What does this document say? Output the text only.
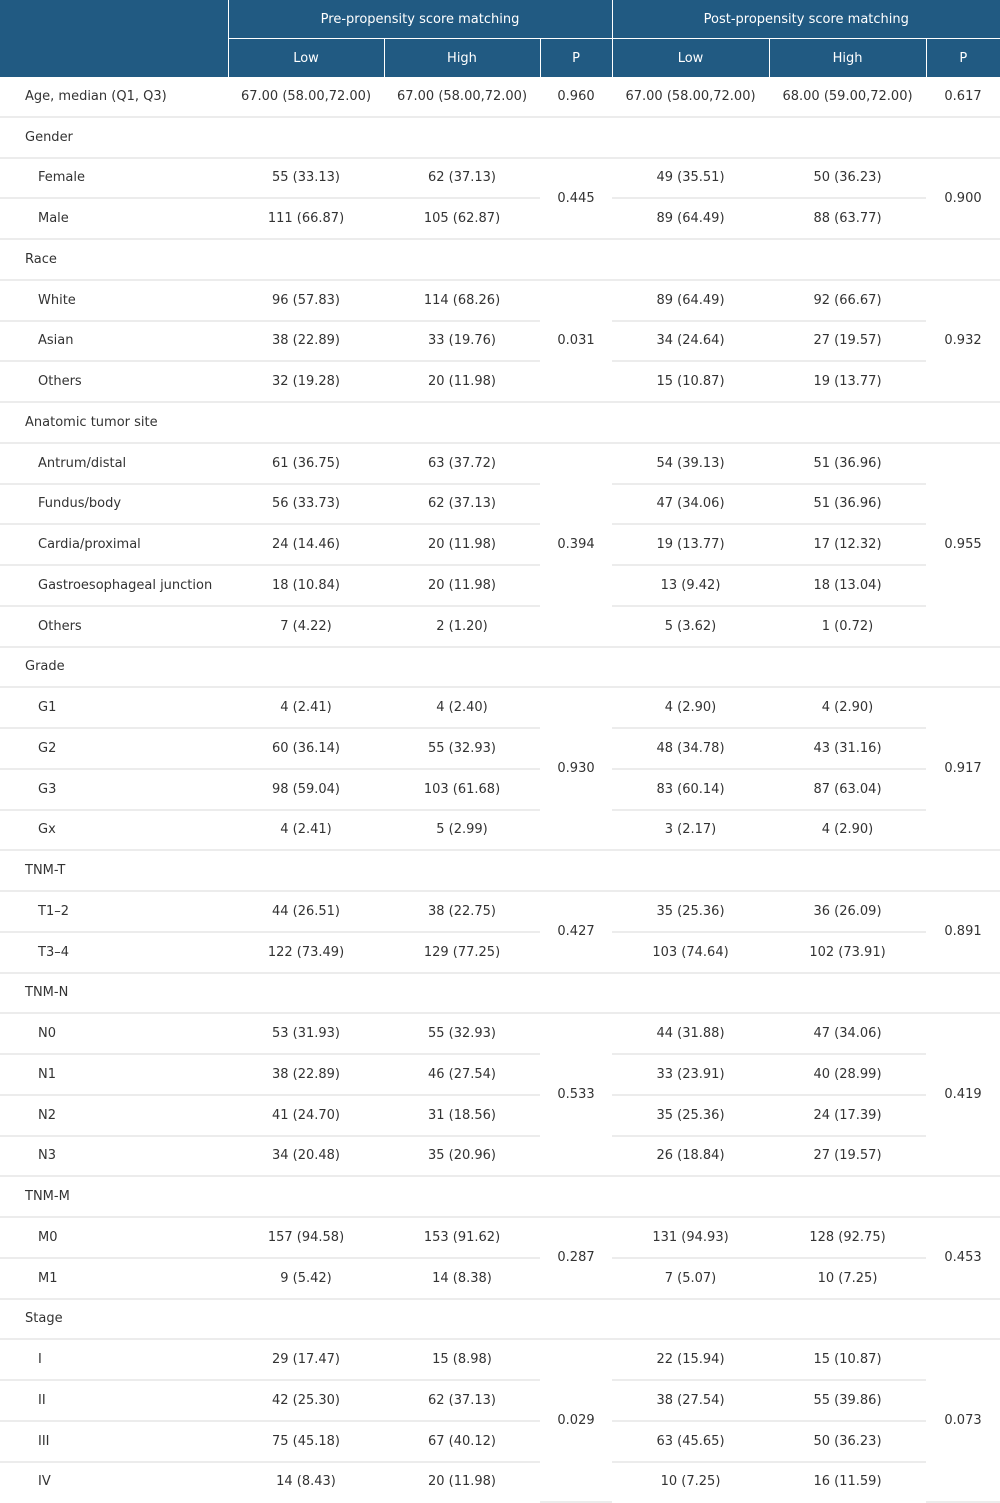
	Pre-propensity score matching			Post-propensity score matching		
	Low	High	P	Low	High	P
Age, median (Q1, Q3)	67.00 (58.00,72.00)	67.00 (58.00,72.00)	0.960	67.00 (58.00,72.00)	68.00 (59.00,72.00)	0.617
Gender						
Female	55 (33.13)	62 (37.13)	0.445	49 (35.51)	50 (36.23)	0.900
Male	111 (66.87)	105 (62.87)		89 (64.49)	88 (63.77)	
Race						
White	96 (57.83)	114 (68.26)	0.031	89 (64.49)	92 (66.67)	0.932
Asian	38 (22.89)	33 (19.76)		34 (24.64)	27 (19.57)	
Others	32 (19.28)	20 (11.98)		15 (10.87)	19 (13.77)	
Anatomic tumor site						
Antrum/distal	61 (36.75)	63 (37.72)	0.394	54 (39.13)	51 (36.96)	0.955
Fundus/body	56 (33.73)	62 (37.13)		47 (34.06)	51 (36.96)	
Cardia/proximal	24 (14.46)	20 (11.98)		19 (13.77)	17 (12.32)	
Gastroesophageal junction	18 (10.84)	20 (11.98)		13 (9.42)	18 (13.04)	
Others	7 (4.22)	2 (1.20)		5 (3.62)	1 (0.72)	
Grade						
G1	4 (2.41)	4 (2.40)	0.930	4 (2.90)	4 (2.90)	0.917
G2	60 (36.14)	55 (32.93)		48 (34.78)	43 (31.16)	
G3	98 (59.04)	103 (61.68)		83 (60.14)	87 (63.04)	
Gx	4 (2.41)	5 (2.99)		3 (2.17)	4 (2.90)	
TNM-T						
T1–2	44 (26.51)	38 (22.75)	0.427	35 (25.36)	36 (26.09)	0.891
T3–4	122 (73.49)	129 (77.25)		103 (74.64)	102 (73.91)	
TNM-N						
N0	53 (31.93)	55 (32.93)	0.533	44 (31.88)	47 (34.06)	0.419
N1	38 (22.89)	46 (27.54)		33 (23.91)	40 (28.99)	
N2	41 (24.70)	31 (18.56)		35 (25.36)	24 (17.39)	
N3	34 (20.48)	35 (20.96)		26 (18.84)	27 (19.57)	
TNM-M						
M0	157 (94.58)	153 (91.62)	0.287	131 (94.93)	128 (92.75)	0.453
M1	9 (5.42)	14 (8.38)		7 (5.07)	10 (7.25)	
Stage						
I	29 (17.47)	15 (8.98)	0.029	22 (15.94)	15 (10.87)	0.073
II	42 (25.30)	62 (37.13)		38 (27.54)	55 (39.86)	
III	75 (45.18)	67 (40.12)		63 (45.65)	50 (36.23)	
IV	14 (8.43)	20 (11.98)		10 (7.25)	16 (11.59)	
